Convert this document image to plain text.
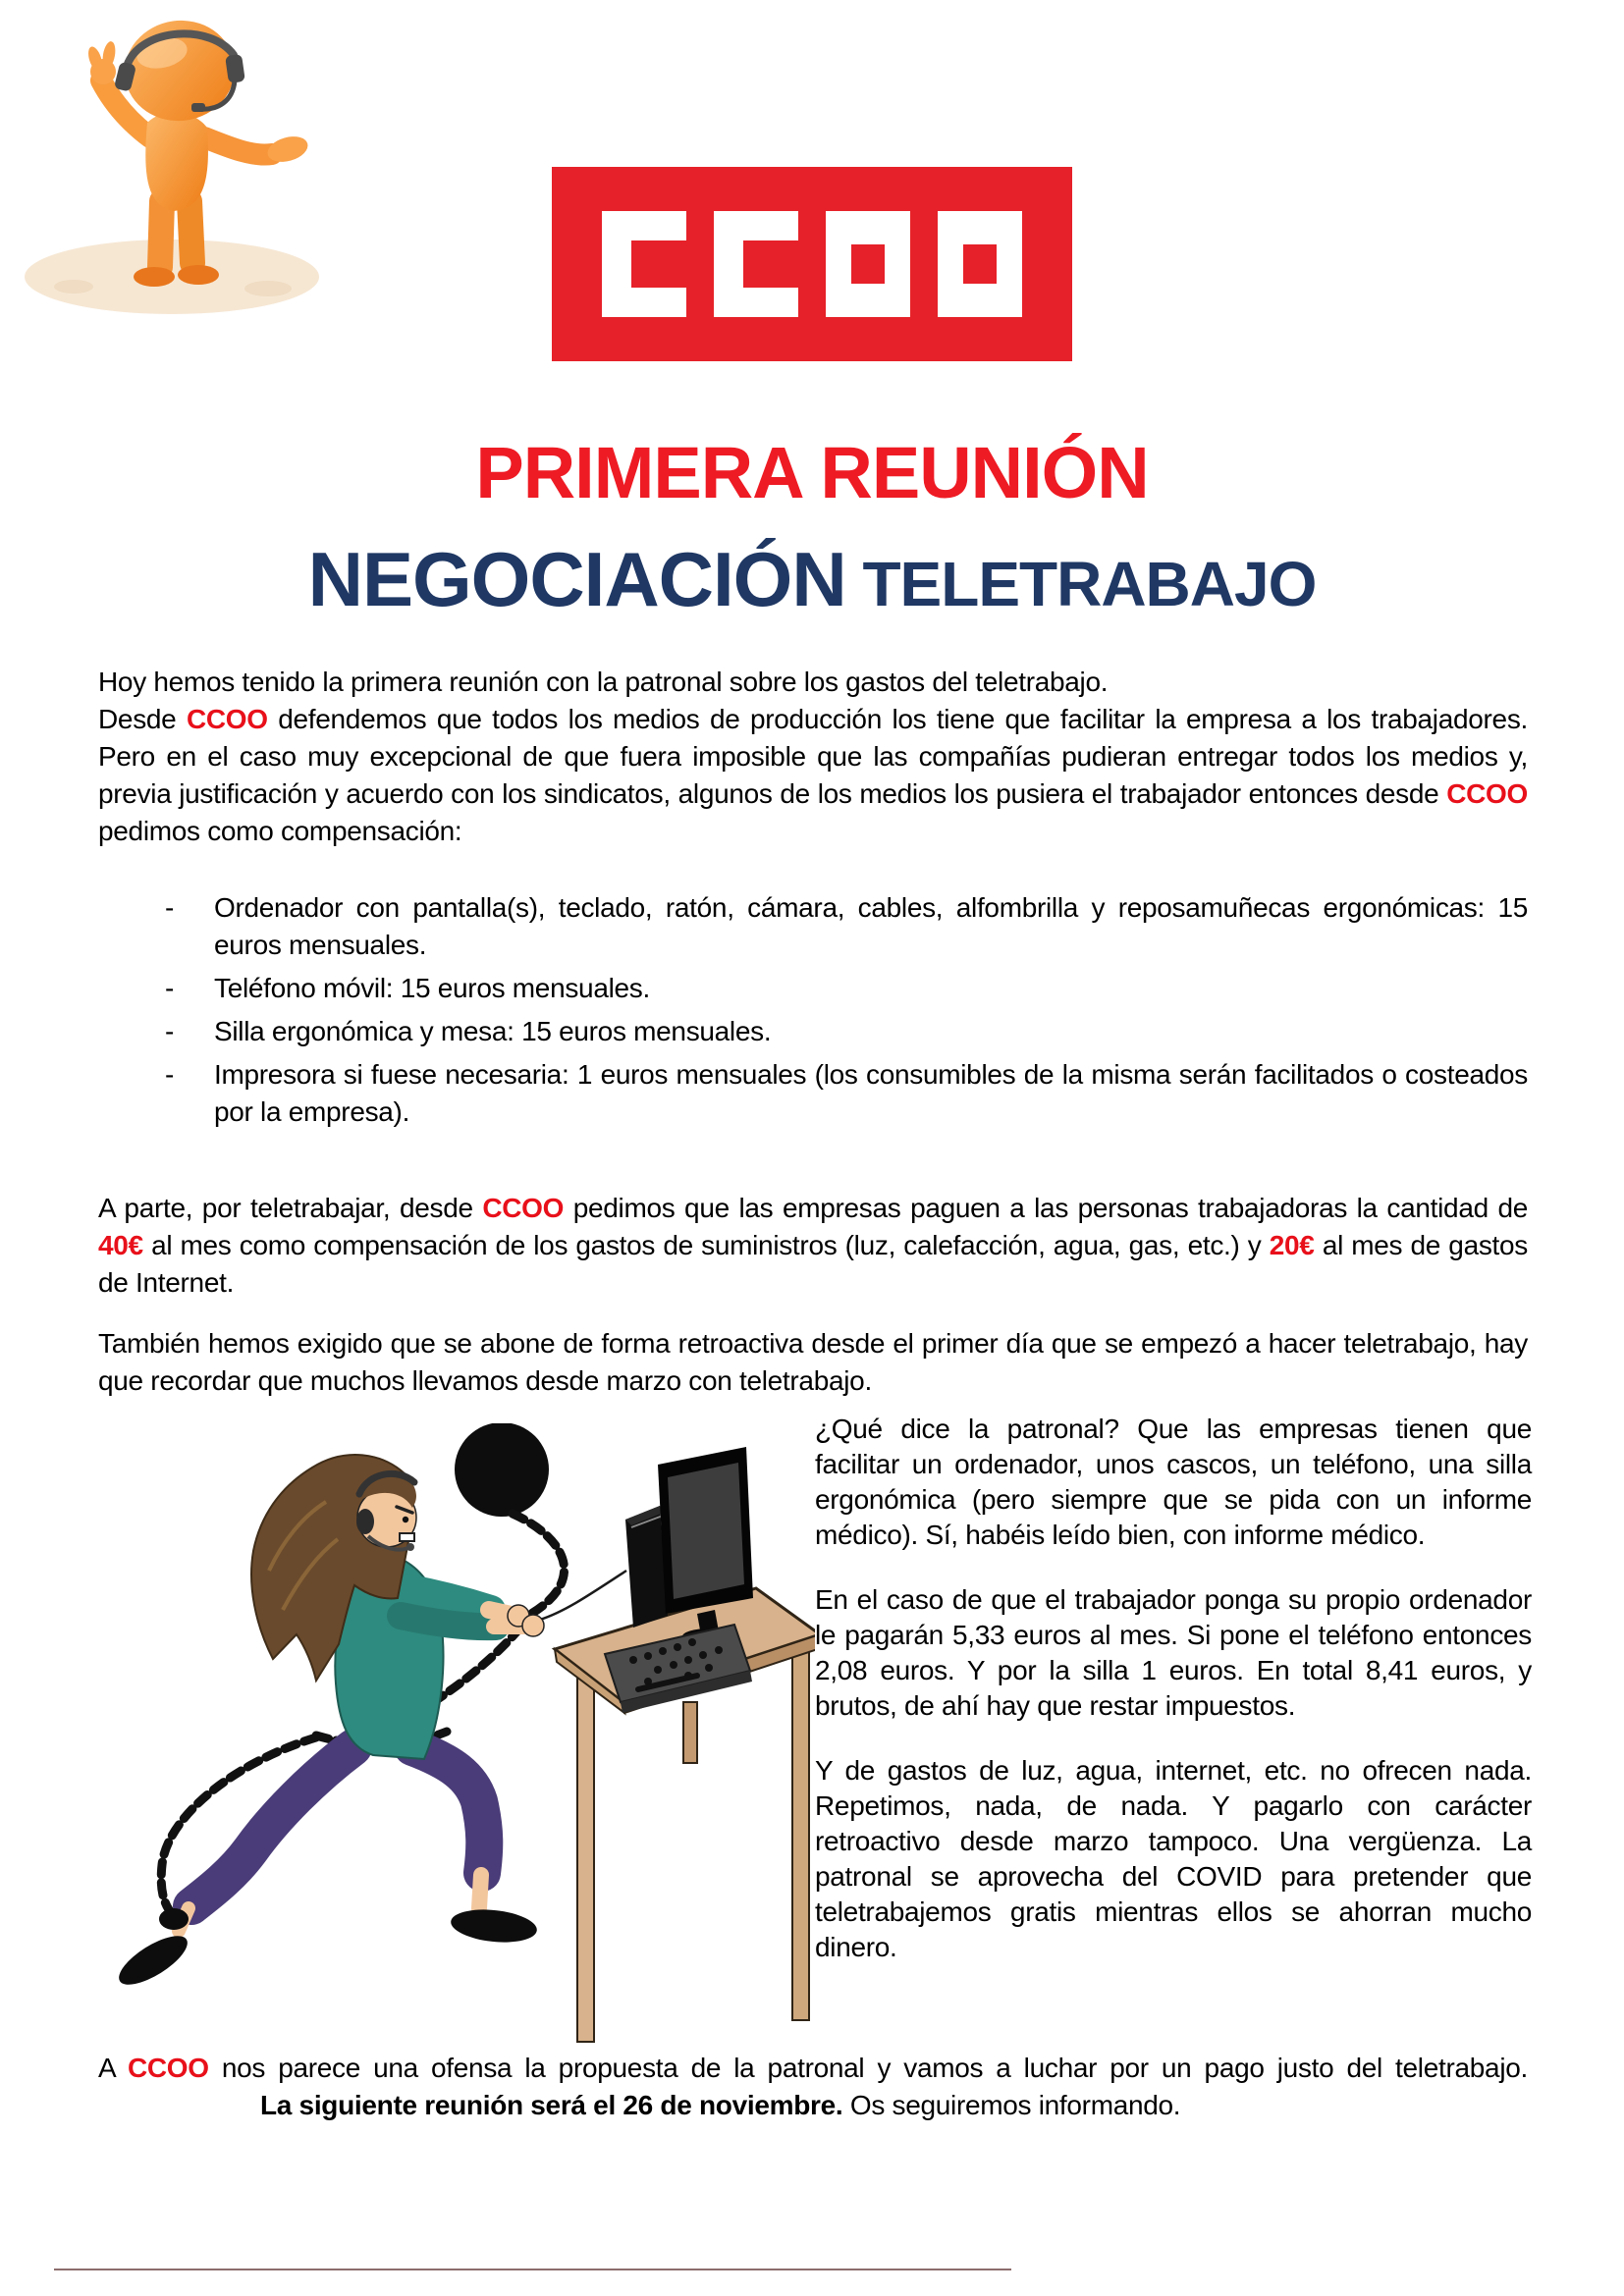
PRIMERA REUNIÓN
NEGOCIACIÓN TELETRABAJO
Hoy hemos tenido la primera reunión con la patronal sobre los gastos del teletrabajo.
Desde CCOO defendemos que todos los medios de producción los tiene que facilitar la empresa a los trabajadores. Pero en el caso muy excepcional de que fuera imposible que las compañías pudieran entregar todos los medios y, previa justificación y acuerdo con los sindicatos, algunos de los medios los pusiera el trabajador entonces desde CCOO pedimos como compensación:
-	Ordenador con pantalla(s), teclado, ratón, cámara, cables, alfombrilla y reposamuñecas ergonómicas: 15 euros mensuales.
-	Teléfono móvil: 15 euros mensuales.
-	Silla ergonómica y mesa: 15 euros mensuales.
-	Impresora si fuese necesaria: 1 euros mensuales (los consumibles de la misma serán facilitados o costeados por la empresa).
A parte, por teletrabajar, desde CCOO pedimos que las empresas paguen a las personas trabajadoras la cantidad de 40€ al mes como compensación de los gastos de suministros (luz, calefacción, agua, gas, etc.) y 20€ al mes de gastos de Internet.
También hemos exigido que se abone de forma retroactiva desde el primer día que se empezó a hacer teletrabajo, hay que recordar que muchos llevamos desde marzo con teletrabajo.
¿Qué dice la patronal? Que las empresas tienen que facilitar un ordenador, unos cascos, un teléfono, una silla ergonómica (pero siempre que se pida con un informe médico). Sí, habéis leído bien, con informe médico.
En el caso de que el trabajador ponga su propio ordenador le pagarán 5,33 euros al mes. Si pone el teléfono entonces 2,08 euros. Y por la silla 1 euros. En total 8,41 euros, y brutos, de ahí hay que restar impuestos.
Y de gastos de luz, agua, internet, etc. no ofrecen nada. Repetimos, nada, de nada. Y pagarlo con carácter retroactivo desde marzo tampoco. Una vergüenza. La patronal se aprovecha del COVID para pretender que teletrabajemos gratis mientras ellos se ahorran mucho dinero.
A CCOO nos parece una ofensa la propuesta de la patronal y vamos a luchar por un pago justo del teletrabajo.La siguiente reunión será el 26 de noviembre. Os seguiremos informando.
